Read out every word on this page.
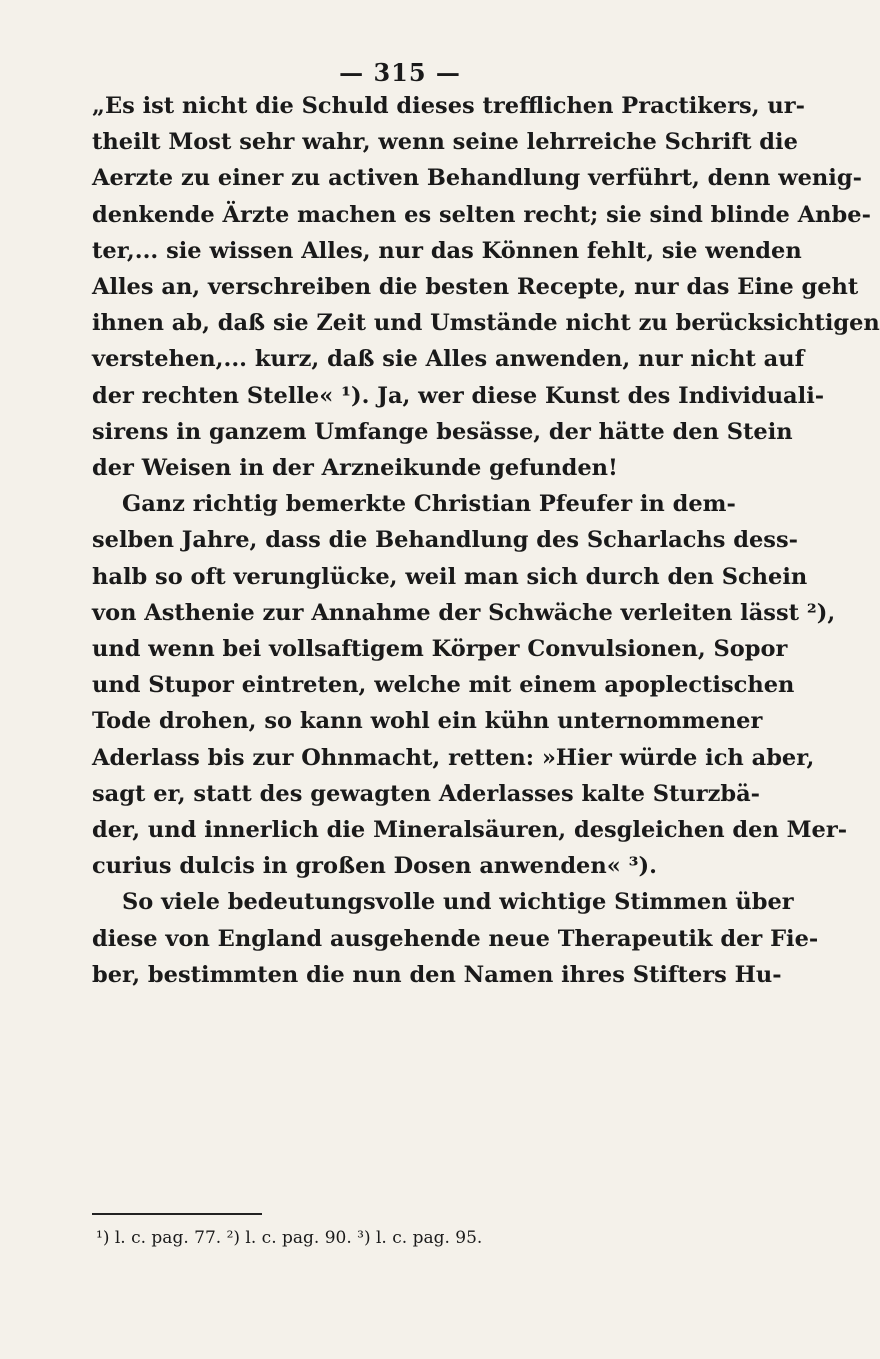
— 315 —
„Es ist nicht die Schuld dieses trefflichen Practikers, ur-
theilt Most sehr wahr, wenn seine lehrreiche Schrift die
Aerzte zu einer zu activen Behandlung verführt, denn wenig-
denkende Ärzte machen es selten recht; sie sind blinde Anbe-
ter,... sie wissen Alles, nur das Können fehlt, sie wenden
Alles an, verschreiben die besten Recepte, nur das Eine geht
ihnen ab, daß sie Zeit und Umstände nicht zu berücksichtigen
verstehen,... kurz, daß sie Alles anwenden, nur nicht auf
der rechten Stelle« ¹). Ja, wer diese Kunst des Individuali-
sirens in ganzem Umfange besässe, der hätte den Stein
der Weisen in der Arzneikunde gefunden!
Ganz richtig bemerkte Christian Pfeufer in dem-
selben Jahre, dass die Behandlung des Scharlachs dess-
halb so oft verunglücke, weil man sich durch den Schein
von Asthenie zur Annahme der Schwäche verleiten lässt ²),
und wenn bei vollsaftigem Körper Convulsionen, Sopor
und Stupor eintreten, welche mit einem apoplectischen
Tode drohen, so kann wohl ein kühn unternommener
Aderlass bis zur Ohnmacht, retten: »Hier würde ich aber,
sagt er, statt des gewagten Aderlasses kalte Sturzbä-
der, und innerlich die Mineralsäuren, desgleichen den Mer-
curius dulcis in großen Dosen anwenden« ³).
So viele bedeutungsvolle und wichtige Stimmen über
diese von England ausgehende neue Therapeutik der Fie-
ber, bestimmten die nun den Namen ihres Stifters Hu-
¹) l. c. pag. 77. ²) l. c. pag. 90. ³) l. c. pag. 95.
